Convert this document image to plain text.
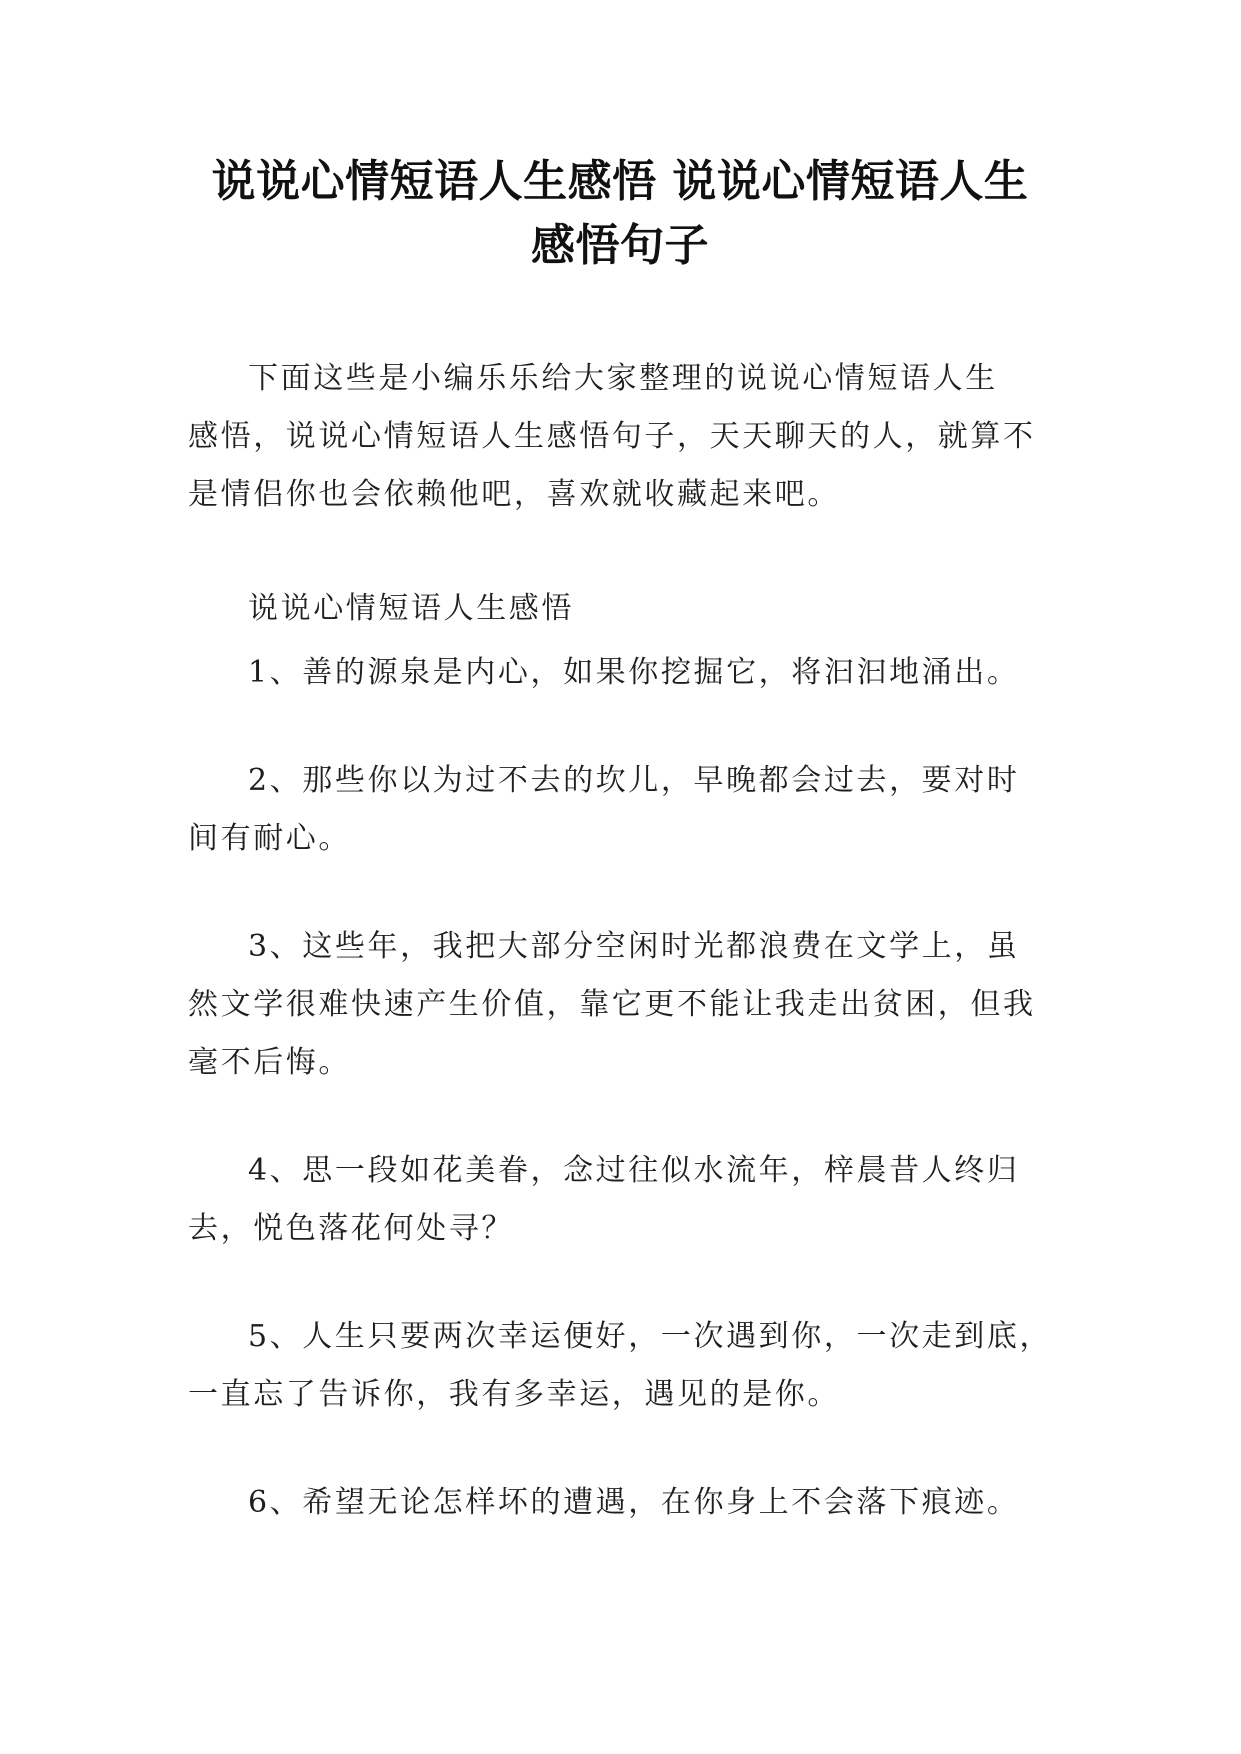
说说心情短语人生感悟 说说心情短语人生
感悟句子

下面这些是小编乐乐给大家整理的说说心情短语人生
感悟，说说心情短语人生感悟句子，天天聊天的人，就算不
是情侣你也会依赖他吧，喜欢就收藏起来吧。

说说心情短语人生感悟

1、善的源泉是内心，如果你挖掘它，将汩汩地涌出。

2、那些你以为过不去的坎儿，早晚都会过去，要对时
间有耐心。

3、这些年，我把大部分空闲时光都浪费在文学上，虽
然文学很难快速产生价值，靠它更不能让我走出贫困，但我
毫不后悔。

4、思一段如花美眷，念过往似水流年，梓晨昔人终归
去，悦色落花何处寻？

5、人生只要两次幸运便好，一次遇到你，一次走到底，
一直忘了告诉你，我有多幸运，遇见的是你。

6、希望无论怎样坏的遭遇，在你身上不会落下痕迹。
